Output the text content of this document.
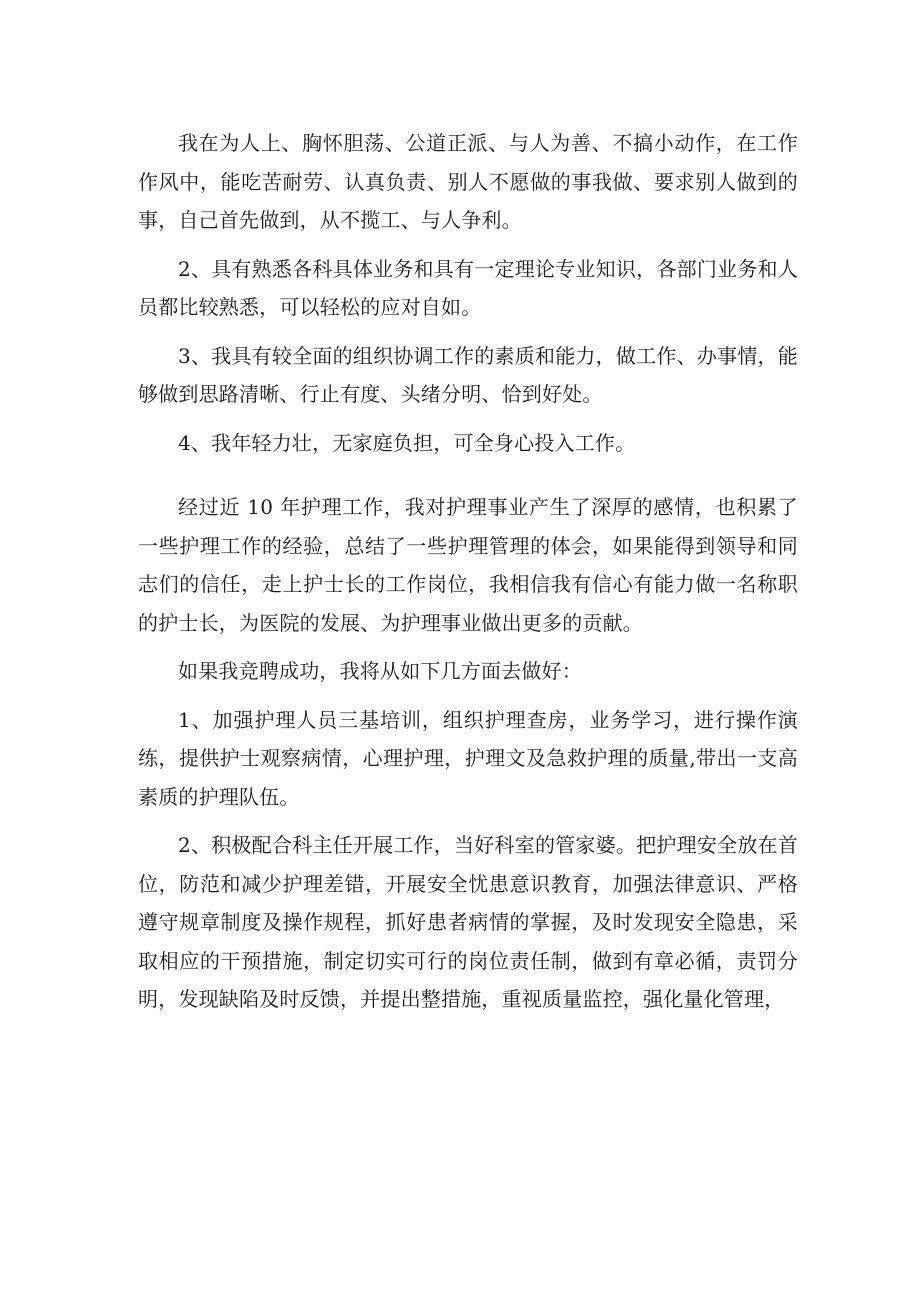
我在为人上、胸怀胆荡、公道正派、与人为善、不搞小动作，在工作作风中，能吃苦耐劳、认真负责、别人不愿做的事我做、要求别人做到的事，自己首先做到，从不揽工、与人争利。

2、具有熟悉各科具体业务和具有一定理论专业知识，各部门业务和人员都比较熟悉，可以轻松的应对自如。

3、我具有较全面的组织协调工作的素质和能力，做工作、办事情，能够做到思路清晰、行止有度、头绪分明、恰到好处。

4、我年轻力壮，无家庭负担，可全身心投入工作。

经过近 10 年护理工作，我对护理事业产生了深厚的感情，也积累了一些护理工作的经验，总结了一些护理管理的体会，如果能得到领导和同志们的信任，走上护士长的工作岗位，我相信我有信心有能力做一名称职的护士长，为医院的发展、为护理事业做出更多的贡献。

如果我竞聘成功，我将从如下几方面去做好：

1、加强护理人员三基培训，组织护理查房，业务学习，进行操作演练，提供护士观察病情，心理护理，护理文及急救护理的质量,带出一支高素质的护理队伍。

2、积极配合科主任开展工作，当好科室的管家婆。把护理安全放在首位，防范和减少护理差错，开展安全忧患意识教育，加强法律意识、严格遵守规章制度及操作规程，抓好患者病情的掌握，及时发现安全隐患，采取相应的干预措施，制定切实可行的岗位责任制，做到有章必循，责罚分明，发现缺陷及时反馈，并提出整措施，重视质量监控，强化量化管理，
